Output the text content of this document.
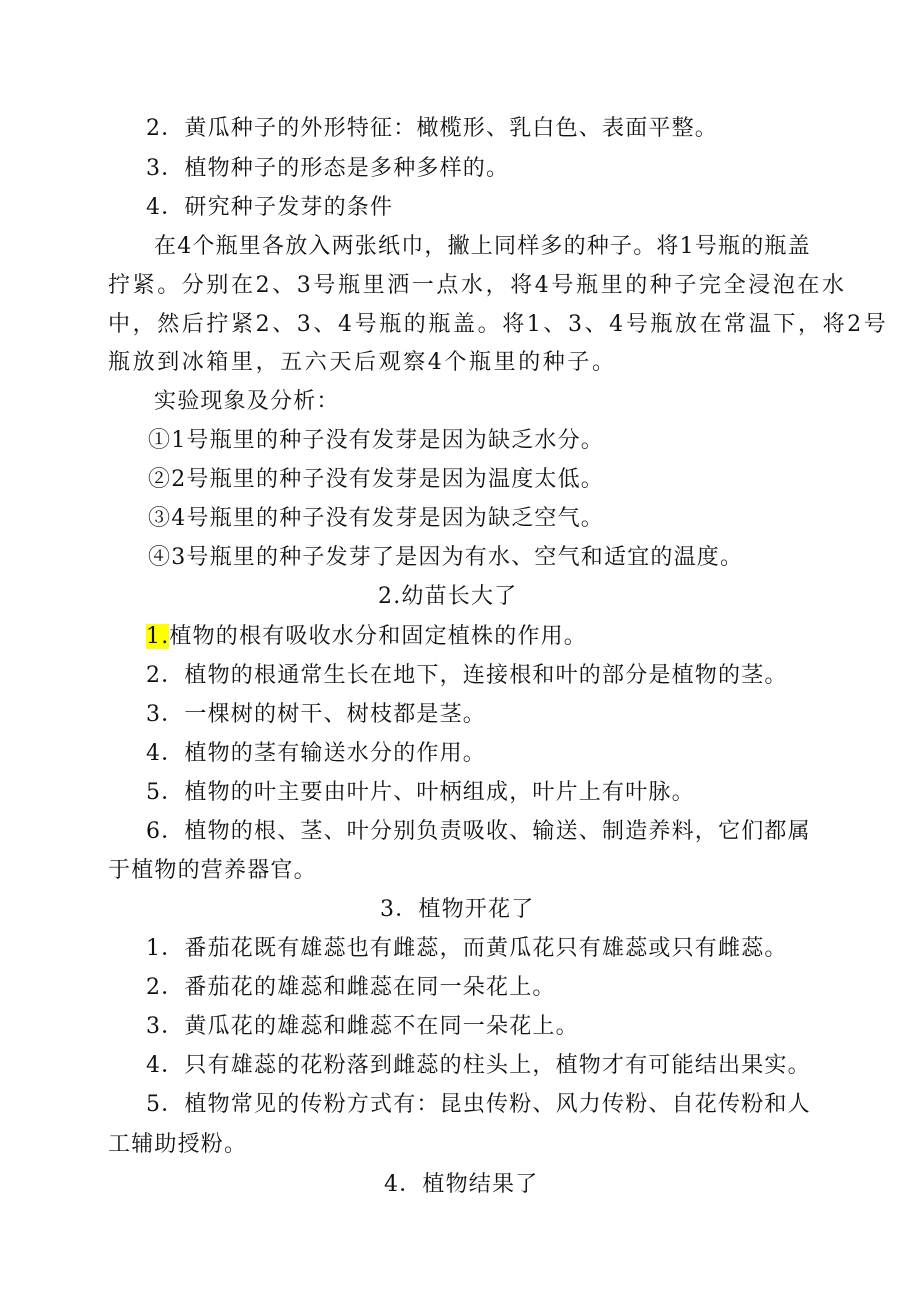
2．黄瓜种子的外形特征：橄榄形、乳白色、表面平整。
3．植物种子的形态是多种多样的。
4．研究种子发芽的条件
在4个瓶里各放入两张纸巾，撇上同样多的种子。将1号瓶的瓶盖
拧紧。分别在2、3号瓶里洒一点水，将4号瓶里的种子完全浸泡在水
中，然后拧紧2、3、4号瓶的瓶盖。将1、3、4号瓶放在常温下，将2号
瓶放到冰箱里，五六天后观察4个瓶里的种子。
实验现象及分析：
①1号瓶里的种子没有发芽是因为缺乏水分。
②2号瓶里的种子没有发芽是因为温度太低。
③4号瓶里的种子没有发芽是因为缺乏空气。
④3号瓶里的种子发芽了是因为有水、空气和适宜的温度。
2.幼苗长大了
1.植物的根有吸收水分和固定植株的作用。
2．植物的根通常生长在地下，连接根和叶的部分是植物的茎。
3．一棵树的树干、树枝都是茎。
4．植物的茎有输送水分的作用。
5．植物的叶主要由叶片、叶柄组成，叶片上有叶脉。
6．植物的根、茎、叶分别负责吸收、输送、制造养料，它们都属
于植物的营养器官。
3．植物开花了
1．番茄花既有雄蕊也有雌蕊，而黄瓜花只有雄蕊或只有雌蕊。
2．番茄花的雄蕊和雌蕊在同一朵花上。
3．黄瓜花的雄蕊和雌蕊不在同一朵花上。
4．只有雄蕊的花粉落到雌蕊的柱头上，植物才有可能结出果实。
5．植物常见的传粉方式有：昆虫传粉、风力传粉、自花传粉和人
工辅助授粉。
4．植物结果了
